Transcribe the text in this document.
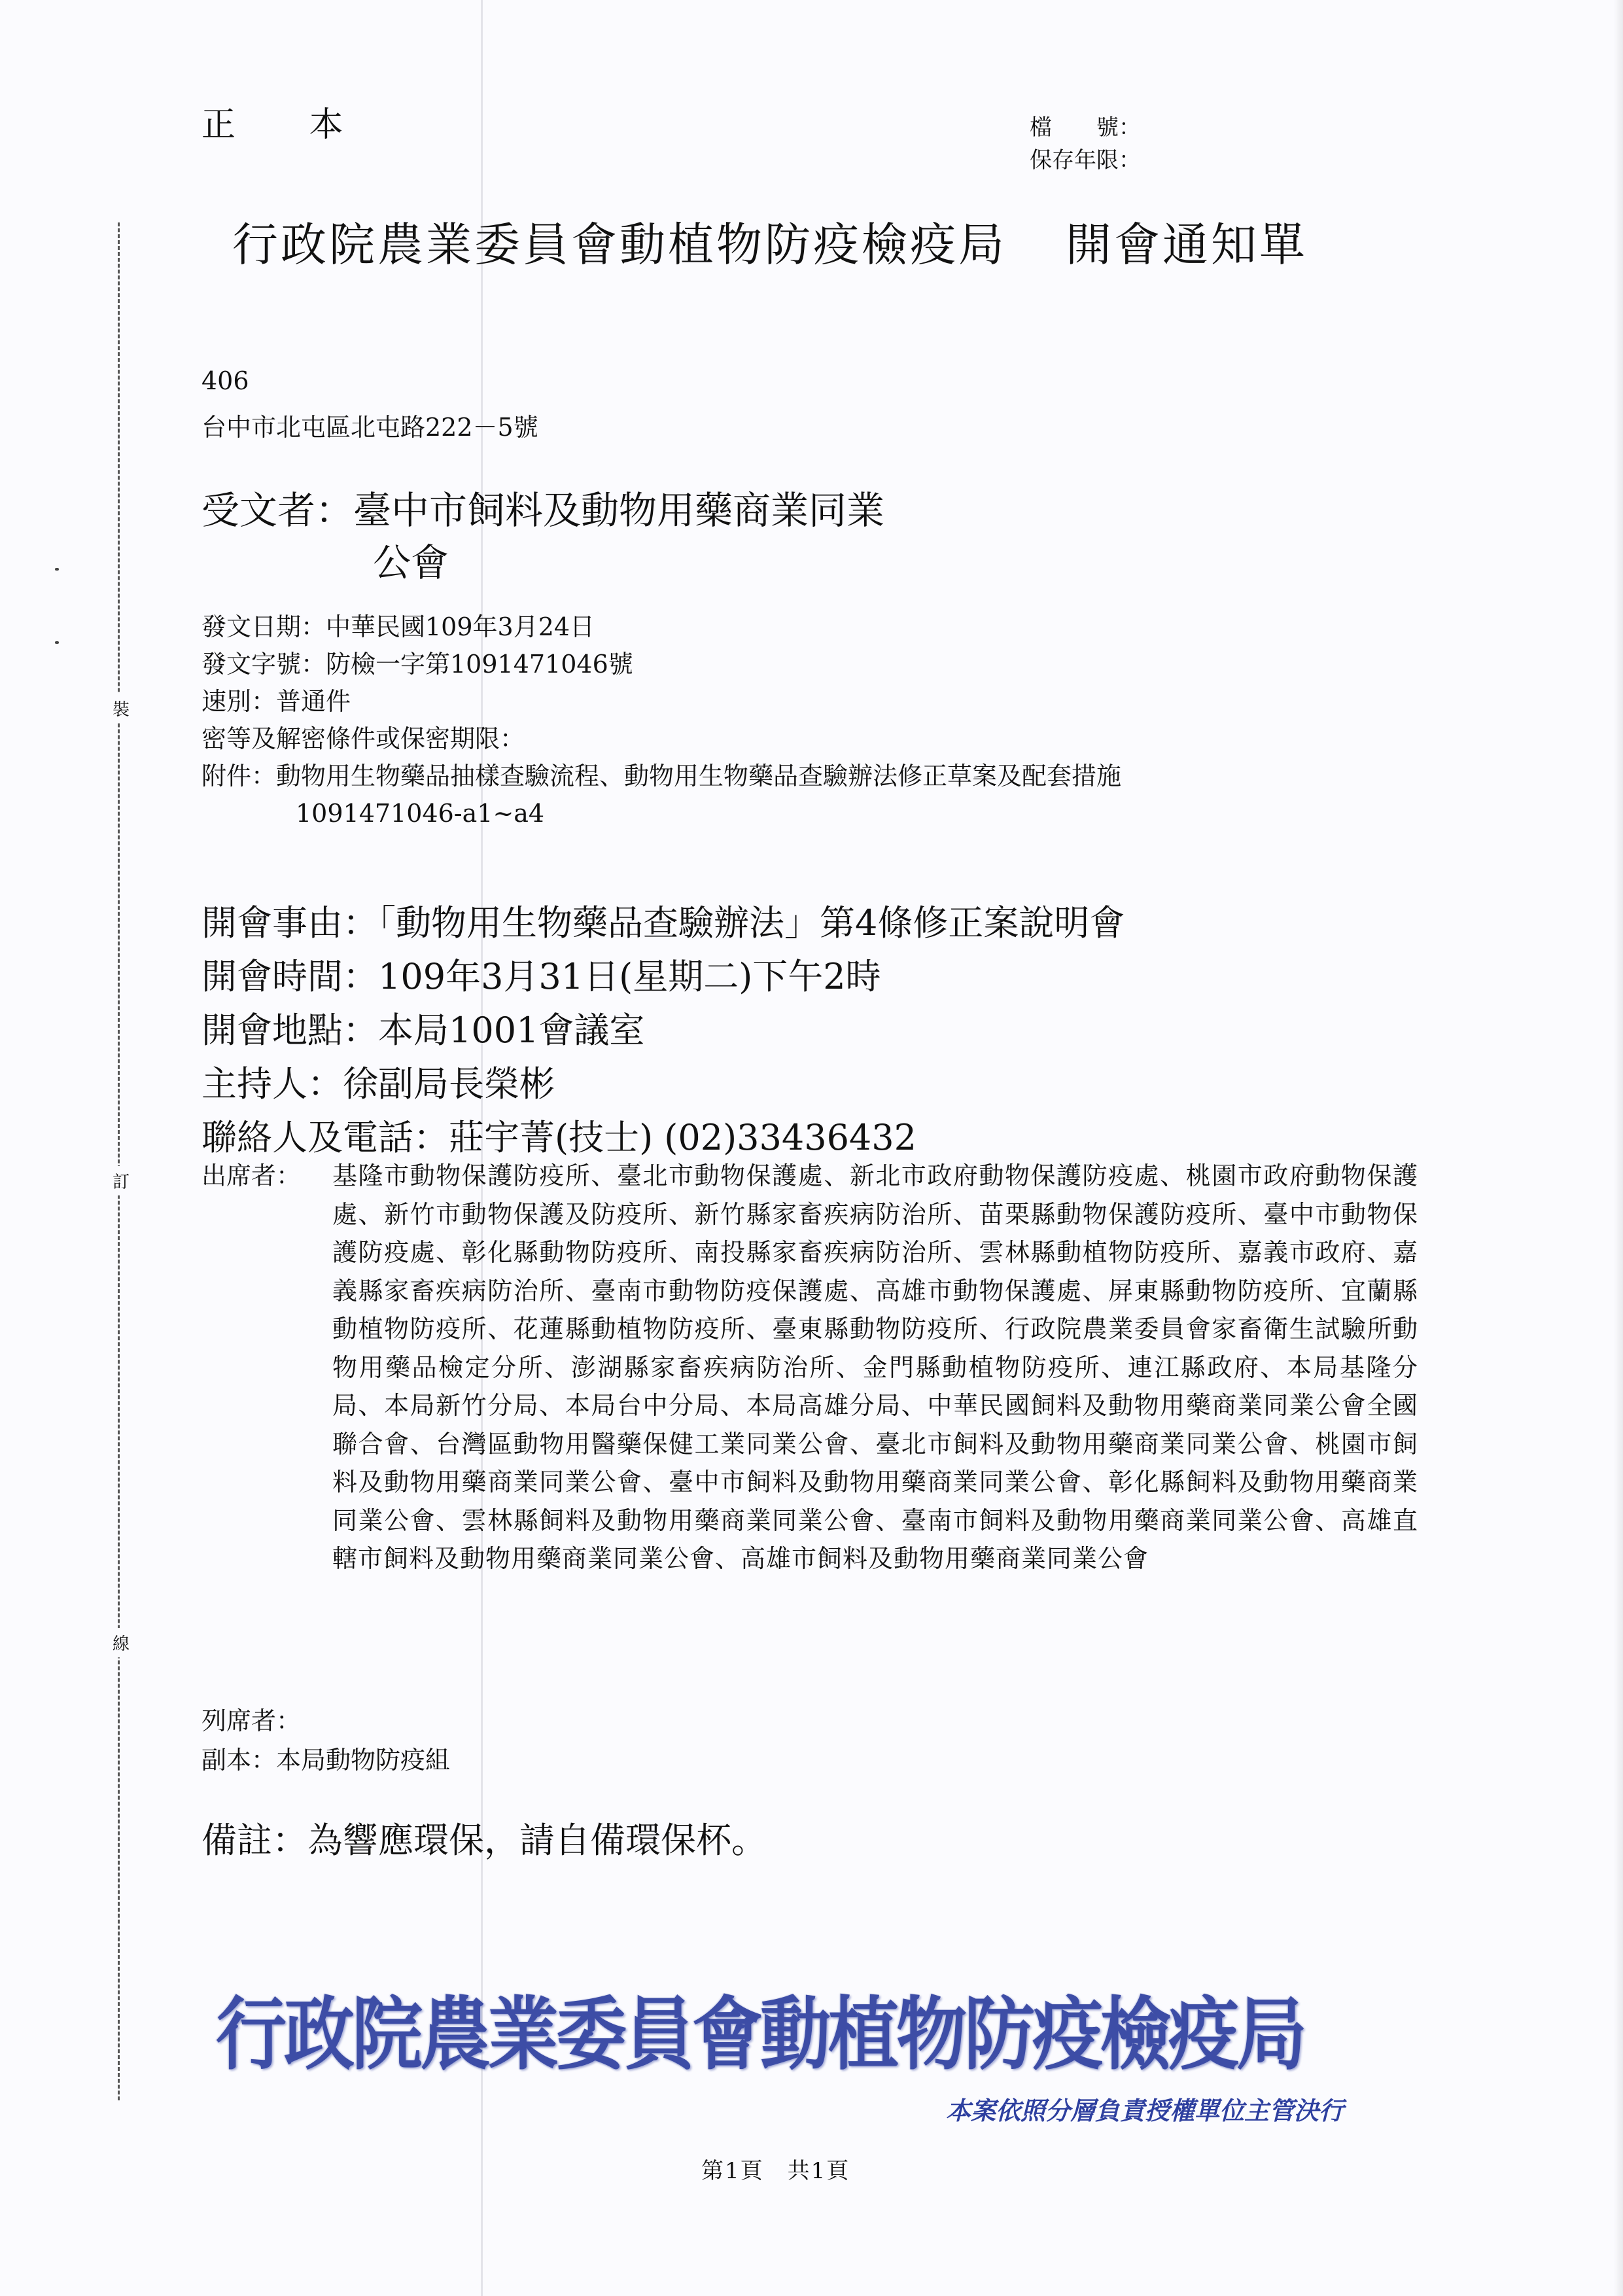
裝
訂
線
正 本	檔　　號：
保存年限：
行政院農業委員會動植物防疫檢疫局 開會通知單
406
台中市北屯區北屯路222－5號
受文者：臺中市飼料及動物用藥商業同業
公會
發文日期：中華民國109年3月24日
發文字號：防檢一字第1091471046號
速別：普通件
密等及解密條件或保密期限：
附件：動物用生物藥品抽樣查驗流程、動物用生物藥品查驗辦法修正草案及配套措施
1091471046-a1~a4
開會事由：「動物用生物藥品查驗辦法」第4條修正案說明會
開會時間：109年3月31日(星期二)下午2時
開會地點：本局1001會議室
主持人：徐副局長榮彬
聯絡人及電話：莊宇菁(技士) (02)33436432
出席者：	基隆市動物保護防疫所、臺北市動物保護處、新北市政府動物保護防疫處、桃園市政府動物保護處、新竹市動物保護及防疫所、新竹縣家畜疾病防治所、苗栗縣動物保護防疫所、臺中市動物保護防疫處、彰化縣動物防疫所、南投縣家畜疾病防治所、雲林縣動植物防疫所、嘉義市政府、嘉義縣家畜疾病防治所、臺南市動物防疫保護處、高雄市動物保護處、屏東縣動物防疫所、宜蘭縣動植物防疫所、花蓮縣動植物防疫所、臺東縣動物防疫所、行政院農業委員會家畜衛生試驗所動物用藥品檢定分所、澎湖縣家畜疾病防治所、金門縣動植物防疫所、連江縣政府、本局基隆分局、本局新竹分局、本局台中分局、本局高雄分局、中華民國飼料及動物用藥商業同業公會全國聯合會、台灣區動物用醫藥保健工業同業公會、臺北市飼料及動物用藥商業同業公會、桃園市飼料及動物用藥商業同業公會、臺中市飼料及動物用藥商業同業公會、彰化縣飼料及動物用藥商業同業公會、雲林縣飼料及動物用藥商業同業公會、臺南市飼料及動物用藥商業同業公會、高雄直轄市飼料及動物用藥商業同業公會、高雄市飼料及動物用藥商業同業公會
列席者：
副本：本局動物防疫組
備註：為響應環保，請自備環保杯。
行政院農業委員會動植物防疫檢疫局
本案依照分層負責授權單位主管決行
第1頁　共1頁
